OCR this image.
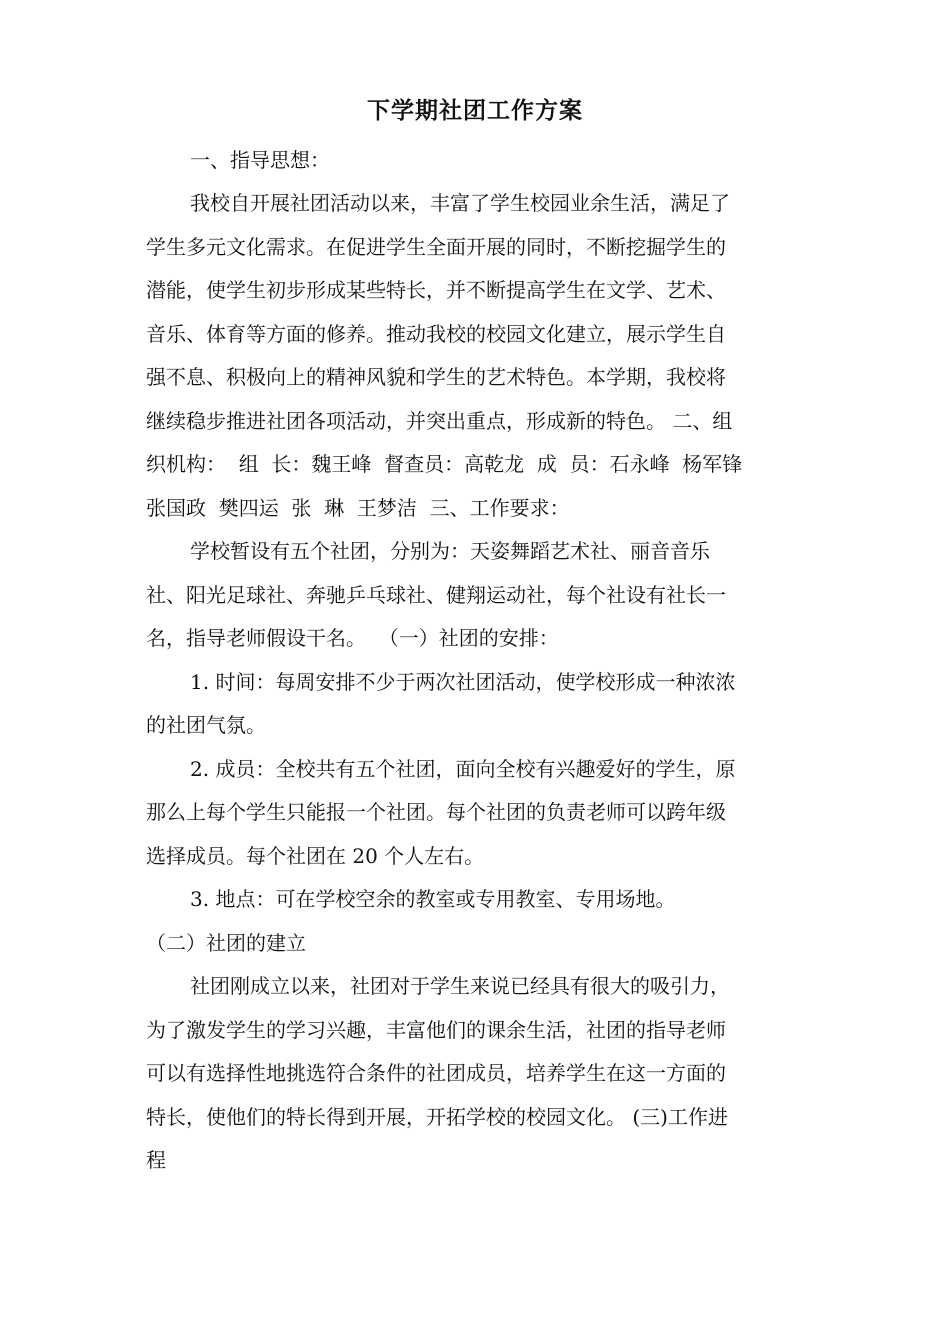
下学期社团工作方案
一、指导思想：
我校自开展社团活动以来，丰富了学生校园业余生活，满足了
学生多元文化需求。在促进学生全面开展的同时，不断挖掘学生的
潜能，使学生初步形成某些特长，并不断提高学生在文学、艺术、
音乐、体育等方面的修养。推动我校的校园文化建立，展示学生自
强不息、积极向上的精神风貌和学生的艺术特色。本学期，我校将
继续稳步推进社团各项活动，并突出重点，形成新的特色。 二、组
织机构：  组  长：魏王峰  督查员：高乾龙  成  员：石永峰  杨军锋
张国政  樊四运  张  琳  王梦洁  三、工作要求：
学校暂设有五个社团，分别为：天姿舞蹈艺术社、丽音音乐
社、阳光足球社、奔驰乒乓球社、健翔运动社，每个社设有社长一
名，指导老师假设干名。  （一）社团的安排：
1. 时间：每周安排不少于两次社团活动，使学校形成一种浓浓
的社团气氛。
2. 成员：全校共有五个社团，面向全校有兴趣爱好的学生，原
那么上每个学生只能报一个社团。每个社团的负责老师可以跨年级
选择成员。每个社团在 20 个人左右。
3. 地点：可在学校空余的教室或专用教室、专用场地。
（二）社团的建立
社团刚成立以来，社团对于学生来说已经具有很大的吸引力，
为了激发学生的学习兴趣，丰富他们的课余生活，社团的指导老师
可以有选择性地挑选符合条件的社团成员，培养学生在这一方面的
特长，使他们的特长得到开展，开拓学校的校园文化。 (三)工作进
程
